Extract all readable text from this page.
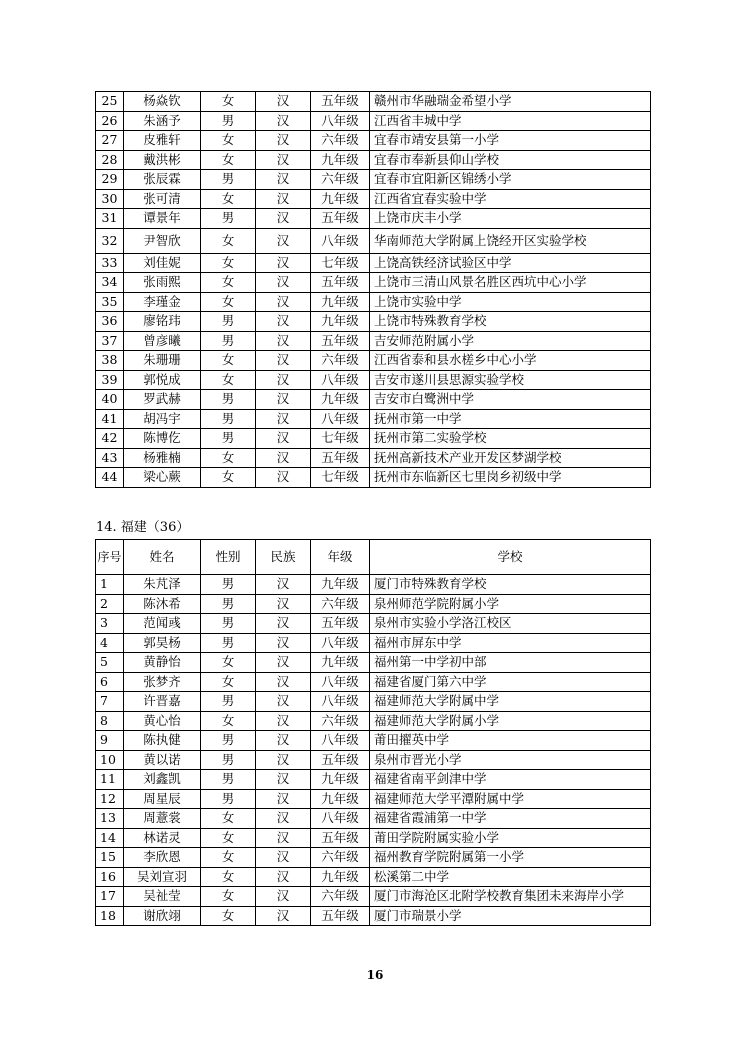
25	杨焱钦	女	汉	五年级	赣州市华融瑞金希望小学
26	朱涵予	男	汉	八年级	江西省丰城中学
27	皮雅轩	女	汉	六年级	宜春市靖安县第一小学
28	戴洪彬	女	汉	九年级	宜春市奉新县仰山学校
29	张辰霖	男	汉	六年级	宜春市宜阳新区锦绣小学
30	张可清	女	汉	九年级	江西省宜春实验中学
31	谭景年	男	汉	五年级	上饶市庆丰小学
32	尹智欣	女	汉	八年级	华南师范大学附属上饶经开区实验学校
33	刘佳妮	女	汉	七年级	上饶高铁经济试验区中学
34	张雨熙	女	汉	五年级	上饶市三清山风景名胜区西坑中心小学
35	李瑾金	女	汉	九年级	上饶市实验中学
36	廖铭玮	男	汉	九年级	上饶市特殊教育学校
37	曾彦曦	男	汉	五年级	吉安师范附属小学
38	朱珊珊	女	汉	六年级	江西省泰和县水槎乡中心小学
39	郭悦成	女	汉	八年级	吉安市遂川县思源实验学校
40	罗武赫	男	汉	九年级	吉安市白鹭洲中学
41	胡冯宇	男	汉	八年级	抚州市第一中学
42	陈博仡	男	汉	七年级	抚州市第二实验学校
43	杨雅楠	女	汉	五年级	抚州高新技术产业开发区梦湖学校
44	梁心蕨	女	汉	七年级	抚州市东临新区七里岗乡初级中学
14. 福建（36）
序号	姓名	性别	民族	年级	学校
1	朱芃泽	男	汉	九年级	厦门市特殊教育学校
2	陈沐希	男	汉	六年级	泉州师范学院附属小学
3	范闻彧	男	汉	五年级	泉州市实验小学洛江校区
4	郭昊杨	男	汉	八年级	福州市屏东中学
5	黄静怡	女	汉	九年级	福州第一中学初中部
6	张梦齐	女	汉	八年级	福建省厦门第六中学
7	许晋嘉	男	汉	八年级	福建师范大学附属中学
8	黄心怡	女	汉	六年级	福建师范大学附属小学
9	陈执健	男	汉	八年级	莆田擢英中学
10	黄以诺	男	汉	五年级	泉州市晋光小学
11	刘鑫凯	男	汉	九年级	福建省南平剑津中学
12	周星辰	男	汉	九年级	福建师范大学平潭附属中学
13	周薏裳	女	汉	八年级	福建省霞浦第一中学
14	林诺灵	女	汉	五年级	莆田学院附属实验小学
15	李欣恩	女	汉	六年级	福州教育学院附属第一小学
16	吴刘宣羽	女	汉	九年级	松溪第二中学
17	吴祉莹	女	汉	六年级	厦门市海沧区北附学校教育集团未来海岸小学
18	谢欣翊	女	汉	五年级	厦门市瑞景小学
16
